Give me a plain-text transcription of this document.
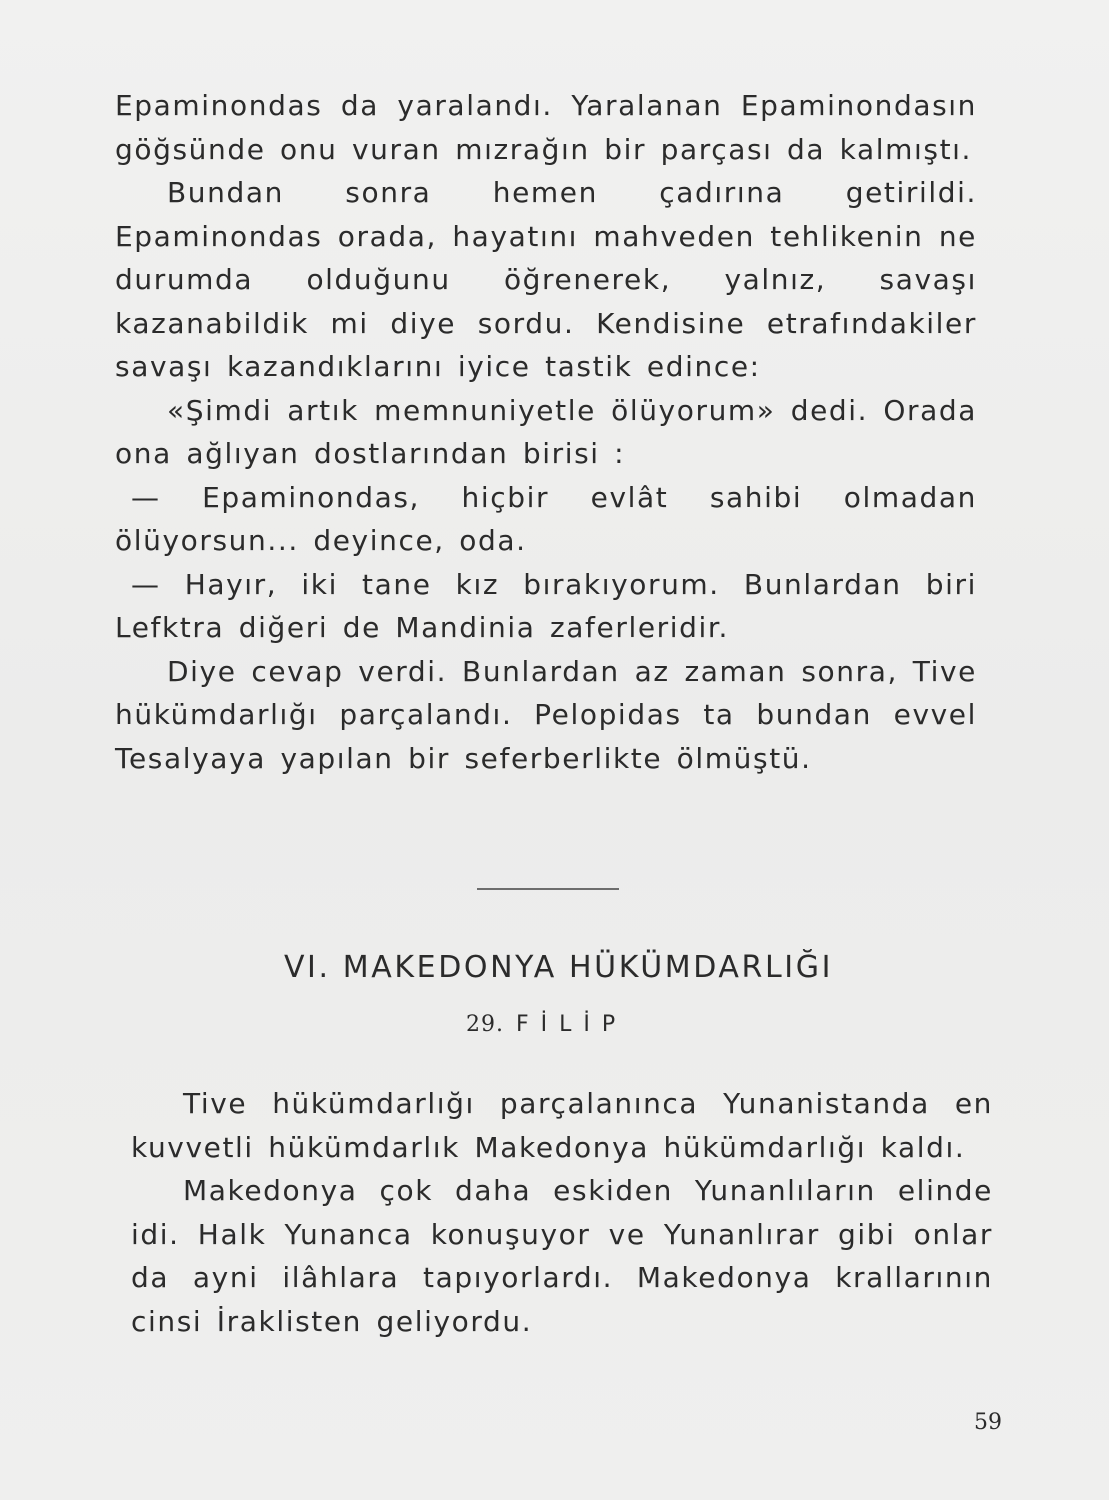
Epaminondas da yaralandı. Yaralanan Epaminondasın göğsünde onu vuran mızrağın bir parçası da kalmıştı.

Bundan sonra hemen çadırına getirildi. Epaminondas orada, hayatını mahveden tehlikenin ne durumda olduğunu öğrenerek, yalnız, savaşı kazanabildik mi diye sordu. Kendisine etrafındakiler savaşı kazandıklarını iyice tastik edince:

«Şimdi artık memnuniyetle ölüyorum» dedi. Orada ona ağlıyan dostlarından birisi :

— Epaminondas, hiçbir evlât sahibi olmadan ölüyorsun... deyince, oda.

— Hayır, iki tane kız bırakıyorum. Bunlardan biri Lefktra diğeri de Mandinia zaferleridir.

Diye cevap verdi. Bunlardan az zaman sonra, Tive hükümdarlığı parçalandı. Pelopidas ta bundan evvel Tesalyaya yapılan bir seferberlikte ölmüştü.

VI. MAKEDONYA HÜKÜMDARLIĞI
29. FİLİP

Tive hükümdarlığı parçalanınca Yunanistanda en kuvvetli hükümdarlık Makedonya hükümdarlığı kaldı.

Makedonya çok daha eskiden Yunanlıların elinde idi. Halk Yunanca konuşuyor ve Yunanlırar gibi onlar da ayni ilâhlara tapıyorlardı. Makedonya krallarının cinsi İraklisten geliyordu.

59
